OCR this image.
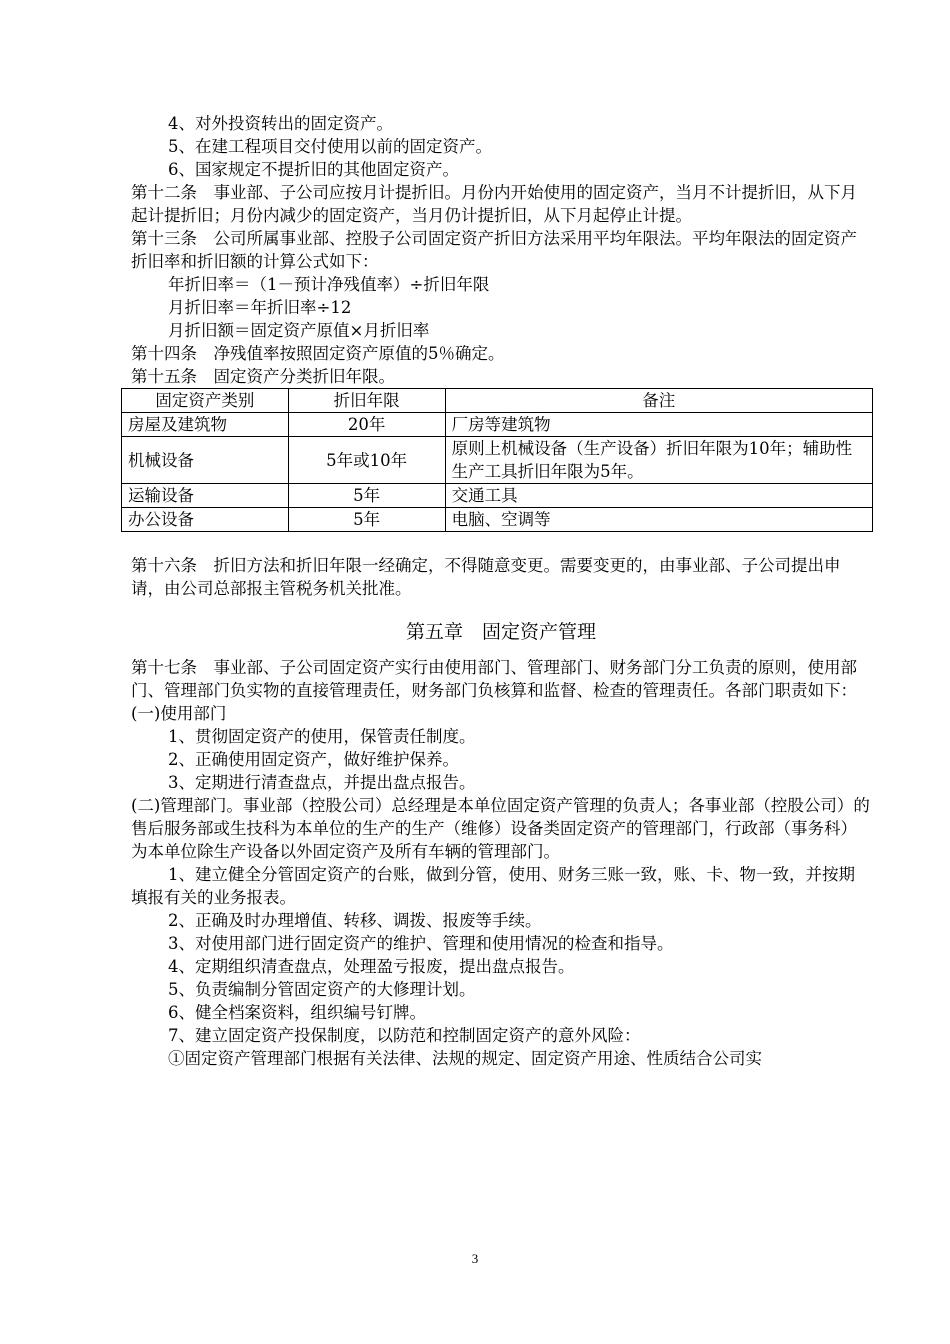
4、对外投资转出的固定资产。

5、在建工程项目交付使用以前的固定资产。

6、国家规定不提折旧的其他固定资产。

第十二条　事业部、子公司应按月计提折旧。月份内开始使用的固定资产，当月不计提折旧，从下月起计提折旧；月份内减少的固定资产，当月仍计提折旧，从下月起停止计提。

第十三条　公司所属事业部、控股子公司固定资产折旧方法采用平均年限法。平均年限法的固定资产折旧率和折旧额的计算公式如下：

年折旧率＝（1－预计净残值率）÷折旧年限

月折旧率＝年折旧率÷12

月折旧额＝固定资产原值×月折旧率

第十四条　净残值率按照固定资产原值的5％确定。

第十五条　固定资产分类折旧年限。

固定资产类别	折旧年限	备注
房屋及建筑物	20年	厂房等建筑物
机械设备	5年或10年	原则上机械设备（生产设备）折旧年限为10年；辅助性生产工具折旧年限为5年。
运输设备	5年	交通工具
办公设备	5年	电脑、空调等

第十六条　折旧方法和折旧年限一经确定，不得随意变更。需要变更的，由事业部、子公司提出申请，由公司总部报主管税务机关批准。

第五章　固定资产管理

第十七条　事业部、子公司固定资产实行由使用部门、管理部门、财务部门分工负责的原则，使用部门、管理部门负实物的直接管理责任，财务部门负核算和监督、检查的管理责任。各部门职责如下：

(一)使用部门

1、贯彻固定资产的使用，保管责任制度。

2、正确使用固定资产，做好维护保养。

3、定期进行清查盘点，并提出盘点报告。

(二)管理部门。事业部（控股公司）总经理是本单位固定资产管理的负责人；各事业部（控股公司）的售后服务部或生技科为本单位的生产的生产（维修）设备类固定资产的管理部门，行政部（事务科）为本单位除生产设备以外固定资产及所有车辆的管理部门。

1、建立健全分管固定资产的台账，做到分管，使用、财务三账一致，账、卡、物一致，并按期填报有关的业务报表。

2、正确及时办理增值、转移、调拨、报废等手续。

3、对使用部门进行固定资产的维护、管理和使用情况的检查和指导。

4、定期组织清查盘点，处理盈亏报废，提出盘点报告。

5、负责编制分管固定资产的大修理计划。

6、健全档案资料，组织编号钉牌。

7、建立固定资产投保制度，以防范和控制固定资产的意外风险：

①固定资产管理部门根据有关法律、法规的规定、固定资产用途、性质结合公司实

3
